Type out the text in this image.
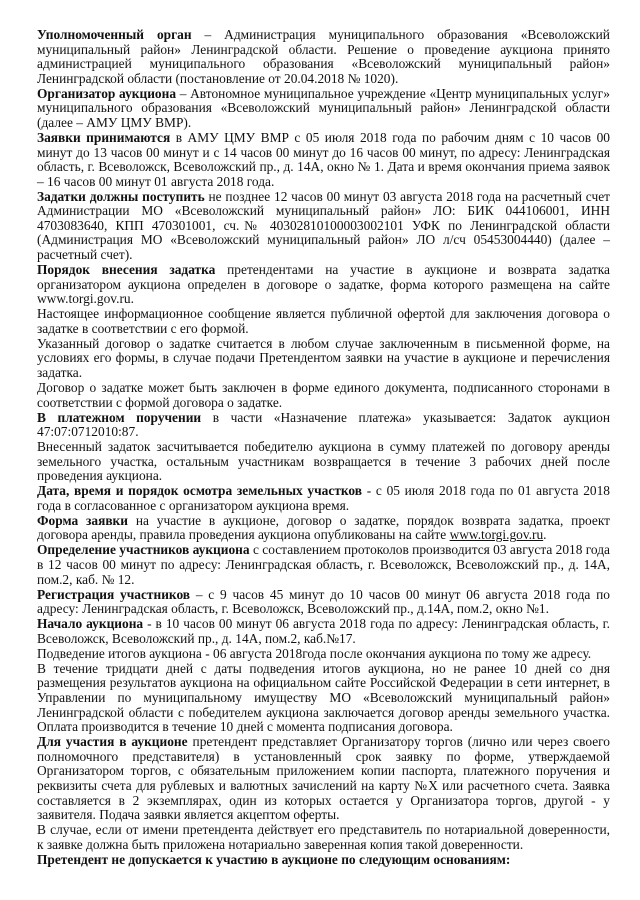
Уполномоченный орган – Администрация муниципального образования «Всеволожский муниципальный район» Ленинградской области. Решение о проведение аукциона принято администрацией муниципального образования «Всеволожский муниципальный район» Ленинградской области (постановление от 20.04.2018 № 1020).
Организатор аукциона – Автономное муниципальное учреждение «Центр муниципальных услуг» муниципального образования «Всеволожский муниципальный район» Ленинградской области (далее – АМУ ЦМУ ВМР).
Заявки принимаются в АМУ ЦМУ ВМР с 05 июля 2018 года по рабочим дням с 10 часов 00 минут до 13 часов 00 минут и с 14 часов 00 минут до 16 часов 00 минут, по адресу: Ленинградская область, г. Всеволожск, Всеволожский пр., д. 14А, окно № 1. Дата и время окончания приема заявок – 16 часов 00 минут 01 августа 2018 года.
Задатки должны поступить не позднее 12 часов 00 минут 03 августа 2018 года на расчетный счет Администрации МО «Всеволожский муниципальный район» ЛО: БИК 044106001, ИНН 4703083640, КПП 470301001, сч.№ 40302810100003002101 УФК по Ленинградской области (Администрация МО «Всеволожский муниципальный район» ЛО л/сч 05453004440) (далее – расчетный счет).
Порядок внесения задатка претендентами на участие в аукционе и возврата задатка организатором аукциона определен в договоре о задатке, форма которого размещена на сайте www.torgi.gov.ru.
Настоящее информационное сообщение является публичной офертой для заключения договора о задатке в соответствии с его формой.
Указанный договор о задатке считается в любом случае заключенным в письменной форме, на условиях его формы, в случае подачи Претендентом заявки на участие в аукционе и перечисления задатка.
Договор о задатке может быть заключен в форме единого документа, подписанного сторонами в соответствии с формой договора о задатке.
В платежном поручении в части «Назначение платежа» указывается: Задаток аукцион 47:07:0712010:87.
Внесенный задаток засчитывается победителю аукциона в сумму платежей по договору аренды земельного участка, остальным участникам возвращается в течение 3 рабочих дней после проведения аукциона.
Дата, время и порядок осмотра земельных участков - с 05 июля 2018 года по 01 августа 2018 года в согласованное с организатором аукциона время.
Форма заявки на участие в аукционе, договор о задатке, порядок возврата задатка, проект договора аренды, правила проведения аукциона опубликованы на сайте www.torgi.gov.ru.
Определение участников аукциона с составлением протоколов производится 03 августа 2018 года в 12 часов 00 минут по адресу: Ленинградская область, г. Всеволожск, Всеволожский пр., д. 14А, пом.2, каб. № 12.
Регистрация участников – с 9 часов 45 минут до 10 часов 00 минут 06 августа 2018 года по адресу: Ленинградская область, г. Всеволожск, Всеволожский пр., д.14А, пом.2, окно №1.
Начало аукциона - в 10 часов 00 минут 06 августа 2018 года по адресу: Ленинградская область, г. Всеволожск, Всеволожский пр., д. 14А, пом.2, каб.№17.
Подведение итогов аукциона - 06 августа 2018года после окончания аукциона по тому же адресу.
В течение тридцати дней с даты подведения итогов аукциона, но не ранее 10 дней со дня размещения результатов аукциона на официальном сайте Российской Федерации в сети интернет, в Управлении по муниципальному имуществу МО «Всеволожский муниципальный район» Ленинградской области с победителем аукциона заключается договор аренды земельного участка. Оплата производится в течение 10 дней с момента подписания договора.
Для участия в аукционе претендент представляет Организатору торгов (лично или через своего полномочного представителя) в установленный срок заявку по форме, утверждаемой Организатором торгов, с обязательным приложением копии паспорта, платежного поручения и реквизиты счета для рублевых и валютных зачислений на карту №Х или расчетного счета. Заявка составляется в 2 экземплярах, один из которых остается у Организатора торгов, другой - у заявителя. Подача заявки является акцептом оферты.
В случае, если от имени претендента действует его представитель по нотариальной доверенности, к заявке должна быть приложена нотариально заверенная копия такой доверенности.
Претендент не допускается к участию в аукционе по следующим основаниям:
